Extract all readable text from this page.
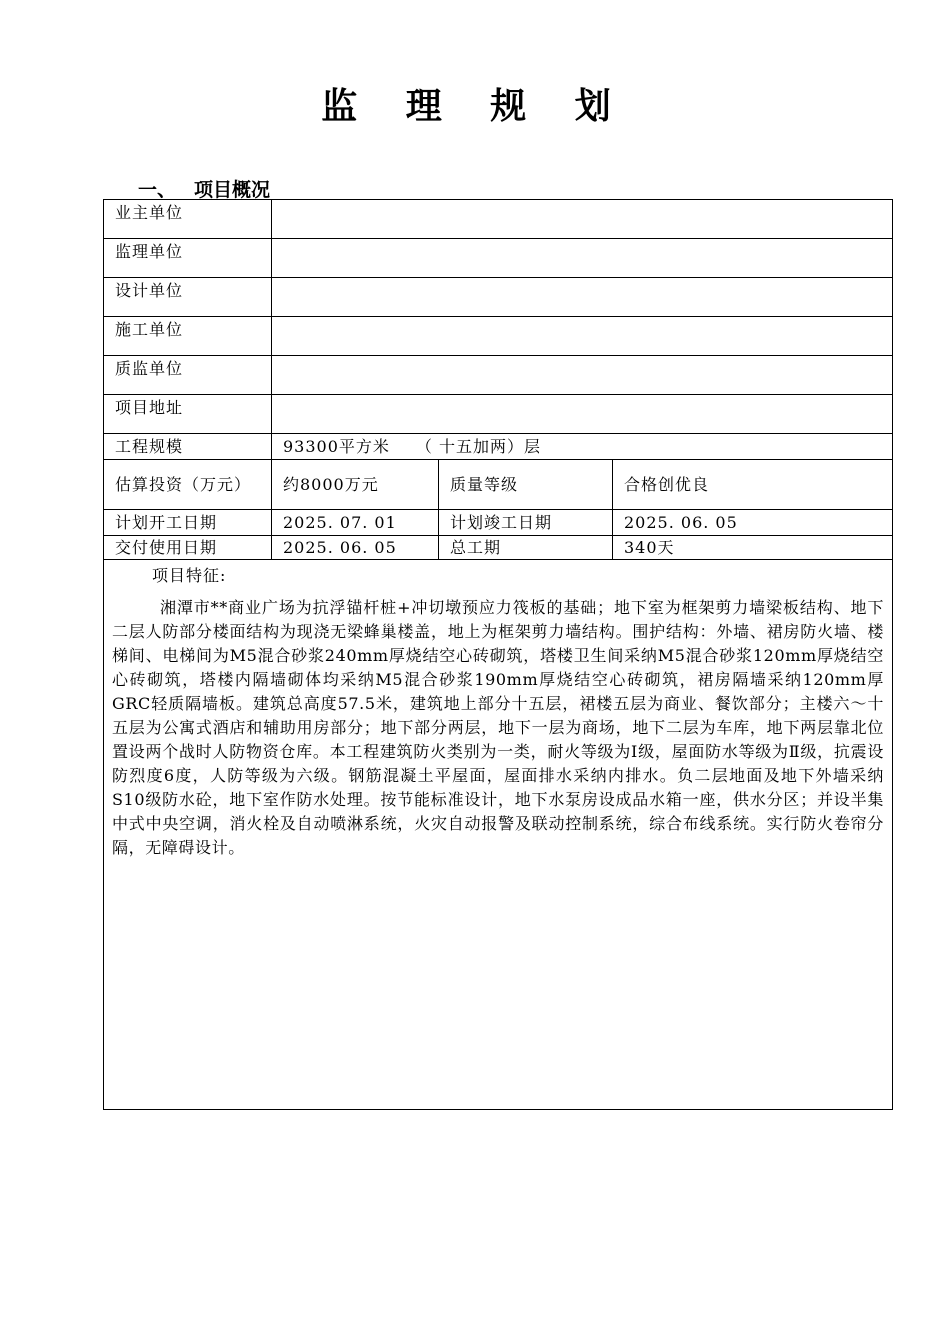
监 理 规 划
一、 项目概况
业主单位			
监理单位			
设计单位			
施工单位			
质监单位			
项目地址			
工程规模	93300平方米　　（ 十五加两）层		
估算投资（万元）	约8000万元	质量等级	合格创优良
计划开工日期	2025. 07. 01	计划竣工日期	2025. 06. 05
交付使用日期	2025. 06. 05	总工期	340天

项目特征:
湘潭市**商业广场为抗浮锚杆桩+冲切墩预应力筏板的基础；地下室为框架剪力墙梁板结构、地下二层人防部分楼面结构为现浇无梁蜂巢楼盖，地上为框架剪力墙结构。围护结构：外墙、裙房防火墙、楼梯间、电梯间为M5混合砂浆240mm厚烧结空心砖砌筑，塔楼卫生间采纳M5混合砂浆120mm厚烧结空心砖砌筑，塔楼内隔墙砌体均采纳M5混合砂浆190mm厚烧结空心砖砌筑，裙房隔墙采纳120mm厚GRC轻质隔墙板。建筑总高度57.5米，建筑地上部分十五层，裙楼五层为商业、餐饮部分；主楼六～十五层为公寓式酒店和辅助用房部分；地下部分两层，地下一层为商场，地下二层为车库，地下两层靠北位置设两个战时人防物资仓库。本工程建筑防火类别为一类，耐火等级为Ⅰ级，屋面防水等级为Ⅱ级，抗震设防烈度6度，人防等级为六级。钢筋混凝土平屋面，屋面排水采纳内排水。负二层地面及地下外墙采纳S10级防水砼，地下室作防水处理。按节能标准设计，地下水泵房设成品水箱一座，供水分区；并设半集中式中央空调，消火栓及自动喷淋系统，火灾自动报警及联动控制系统，综合布线系统。实行防火卷帘分隔，无障碍设计。			
